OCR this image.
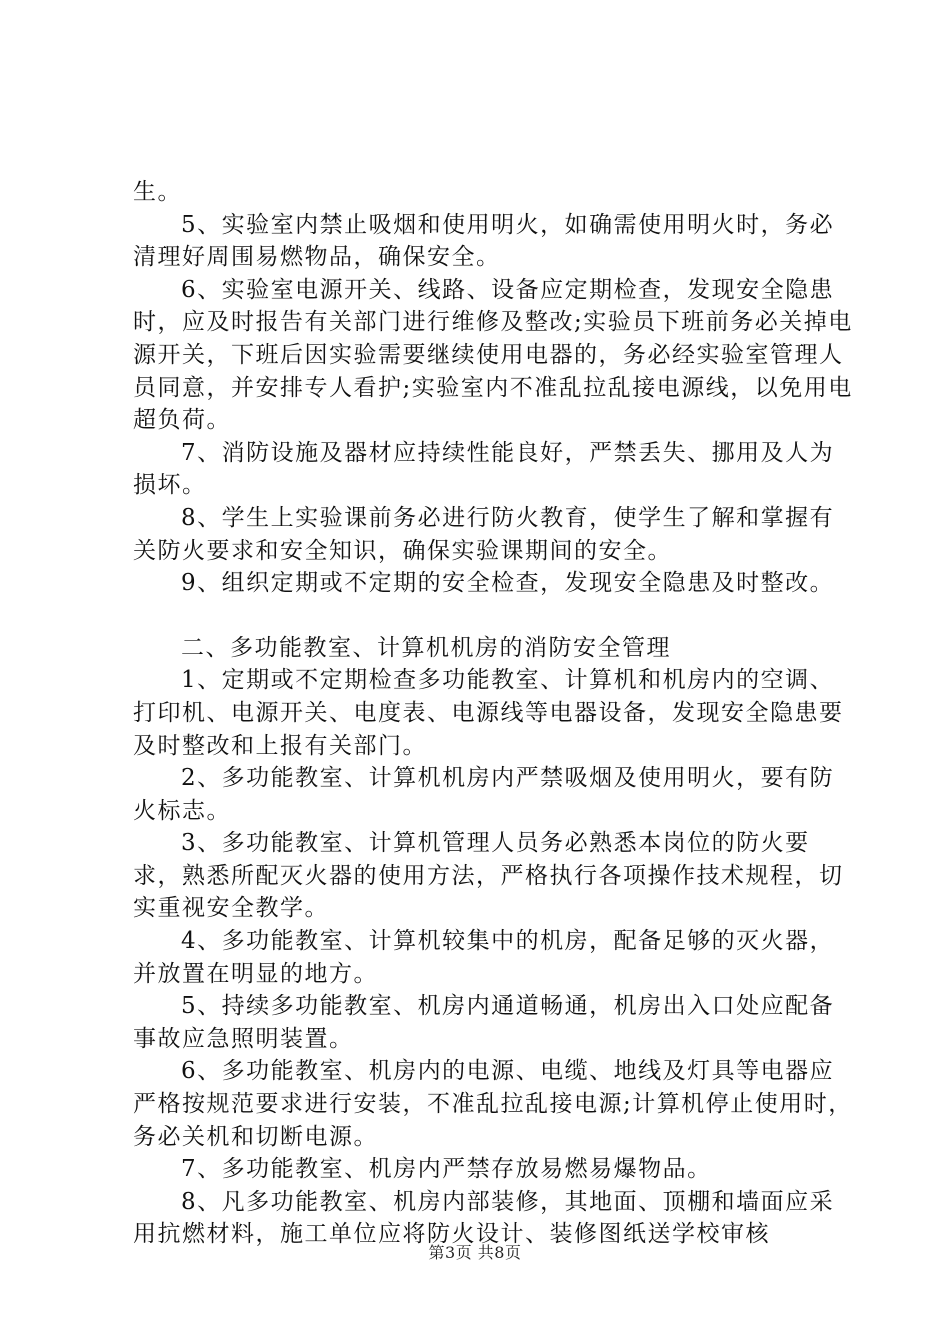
生。

5、实验室内禁止吸烟和使用明火，如确需使用明火时，务必清理好周围易燃物品，确保安全。

6、实验室电源开关、线路、设备应定期检查，发现安全隐患时，应及时报告有关部门进行维修及整改;实验员下班前务必关掉电源开关，下班后因实验需要继续使用电器的，务必经实验室管理人员同意，并安排专人看护;实验室内不准乱拉乱接电源线，以免用电超负荷。

7、消防设施及器材应持续性能良好，严禁丢失、挪用及人为损坏。

8、学生上实验课前务必进行防火教育，使学生了解和掌握有关防火要求和安全知识，确保实验课期间的安全。

9、组织定期或不定期的安全检查，发现安全隐患及时整改。

二、多功能教室、计算机机房的消防安全管理

1、定期或不定期检查多功能教室、计算机和机房内的空调、打印机、电源开关、电度表、电源线等电器设备，发现安全隐患要及时整改和上报有关部门。

2、多功能教室、计算机机房内严禁吸烟及使用明火，要有防火标志。

3、多功能教室、计算机管理人员务必熟悉本岗位的防火要求，熟悉所配灭火器的使用方法，严格执行各项操作技术规程，切实重视安全教学。

4、多功能教室、计算机较集中的机房，配备足够的灭火器，并放置在明显的地方。

5、持续多功能教室、机房内通道畅通，机房出入口处应配备事故应急照明装置。

6、多功能教室、机房内的电源、电缆、地线及灯具等电器应严格按规范要求进行安装，不准乱拉乱接电源;计算机停止使用时，务必关机和切断电源。

7、多功能教室、机房内严禁存放易燃易爆物品。

8、凡多功能教室、机房内部装修，其地面、顶棚和墙面应采用抗燃材料，施工单位应将防火设计、装修图纸送学校审核

第3页 共8页
